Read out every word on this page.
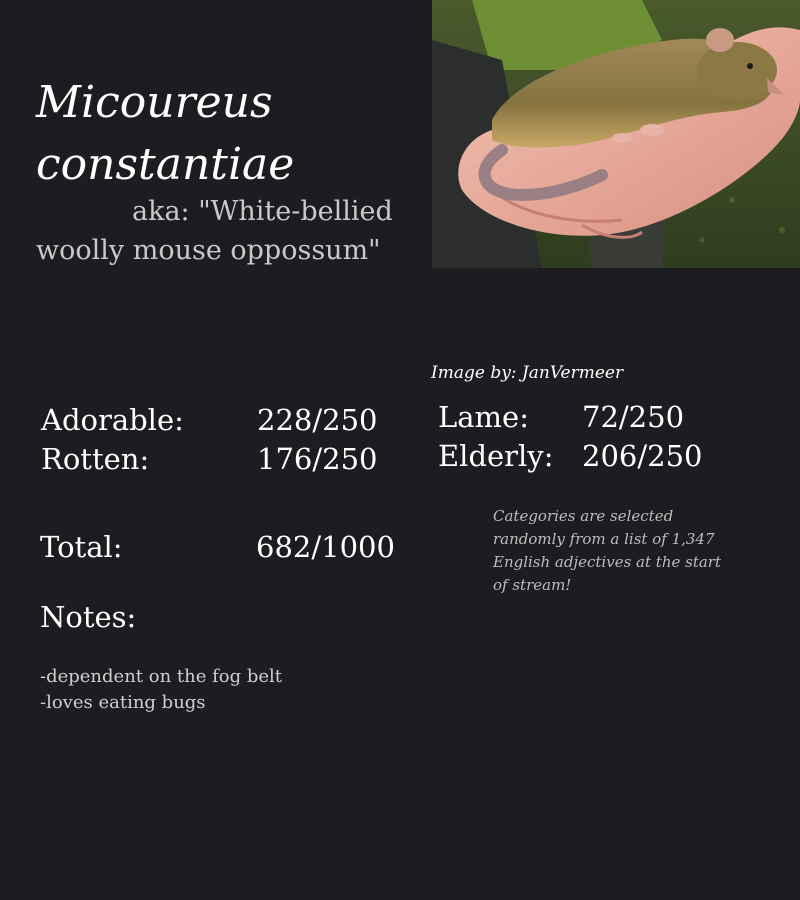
Micoureus
constantiae
aka: "White-bellied woolly mouse oppossum"
Image by: JanVermeer
Adorable:	228/250
Rotten:	176/250
Lame: 72/250
Elderly: 206/250
Total:	682/1000
Categories are selected randomly from a list of 1,347 English adjectives at the start of stream!
Notes:
-dependent on the fog belt
-loves eating bugs
